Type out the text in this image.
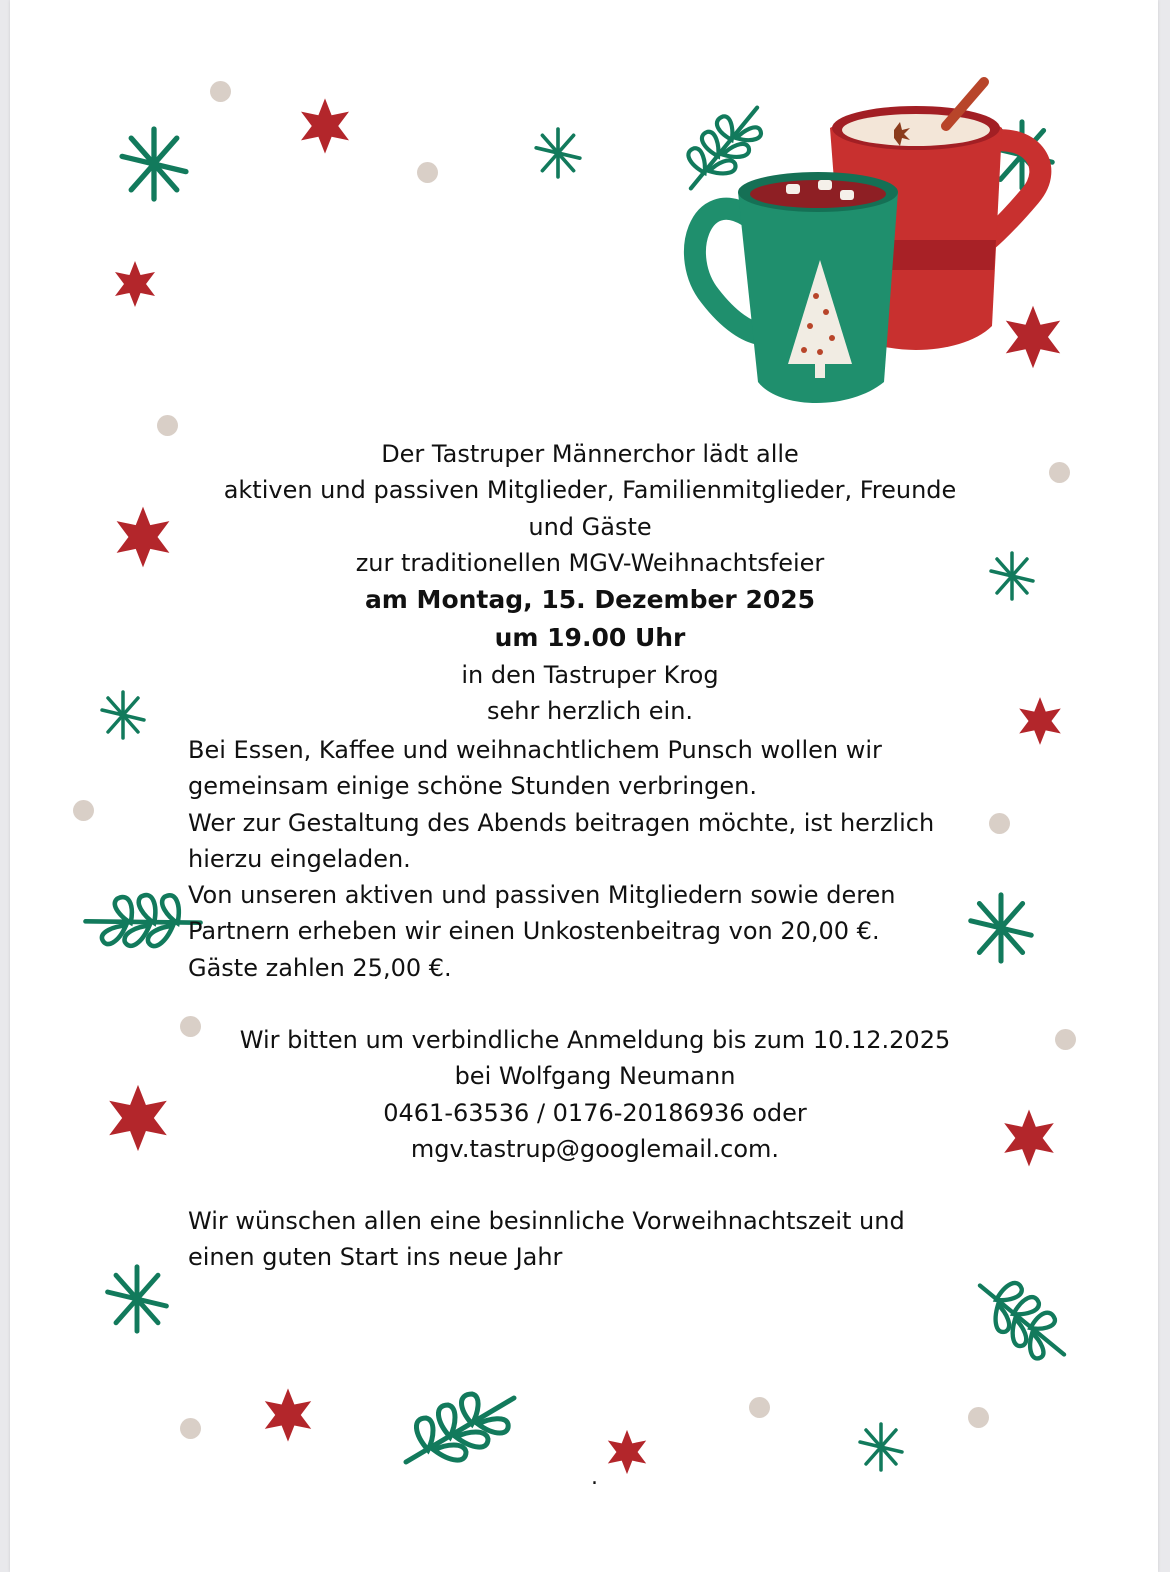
Der Tastruper Männerchor lädt alle
aktiven und passiven Mitglieder, Familienmitglieder, Freunde
und Gäste
zur traditionellen MGV-Weihnachtsfeier
am Montag, 15. Dezember 2025
um 19.00 Uhr
in den Tastruper Krog
sehr herzlich ein.
Bei Essen, Kaffee und weihnachtlichem Punsch wollen wir
gemeinsam einige schöne Stunden verbringen.
Wer zur Gestaltung des Abends beitragen möchte, ist herzlich
hierzu eingeladen.
Von unseren aktiven und passiven Mitgliedern sowie deren
Partnern erheben wir einen Unkostenbeitrag von 20,00 €.
Gäste zahlen 25,00 €.
Wir bitten um verbindliche Anmeldung bis zum 10.12.2025
bei Wolfgang Neumann
0461-63536 / 0176-20186936 oder
mgv.tastrup@googlemail.com.
Wir wünschen allen eine besinnliche Vorweihnachtszeit und
einen guten Start ins neue Jahr
.
